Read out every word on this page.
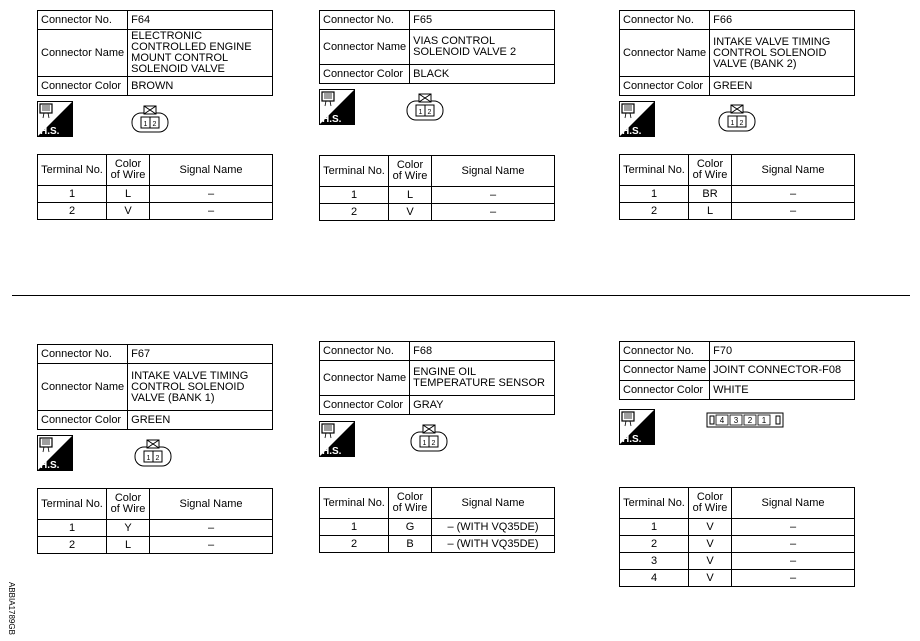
Connector No.	F64
Connector Name	ELECTRONIC CONTROLLED ENGINE MOUNT CONTROL SOLENOID VALVE
Connector Color	BROWN
H.S.
1 2
Terminal No.	Color of Wire	Signal Name
1	L	–
2	V	–
Connector No.	F65
Connector Name	VIAS CONTROL SOLENOID VALVE 2
Connector Color	BLACK
H.S.
1 2
Terminal No.	Color of Wire	Signal Name
1	L	–
2	V	–
Connector No.	F66
Connector Name	INTAKE VALVE TIMING CONTROL SOLENOID VALVE (BANK 2)
Connector Color	GREEN
H.S.
1 2
Terminal No.	Color of Wire	Signal Name
1	BR	–
2	L	–
Connector No.	F67
Connector Name	INTAKE VALVE TIMING CONTROL SOLENOID VALVE (BANK 1)
Connector Color	GREEN
H.S.
1 2
Terminal No.	Color of Wire	Signal Name
1	Y	–
2	L	–
Connector No.	F68
Connector Name	ENGINE OIL TEMPERATURE SENSOR
Connector Color	GRAY
H.S.
1 2
Terminal No.	Color of Wire	Signal Name
1	G	– (WITH VQ35DE)
2	B	– (WITH VQ35DE)
Connector No.	F70
Connector Name	JOINT CONNECTOR-F08
Connector Color	WHITE
H.S.
4 3 2 1
Terminal No.	Color of Wire	Signal Name
1	V	–
2	V	–
3	V	–
4	V	–
ABBIA1789GB
